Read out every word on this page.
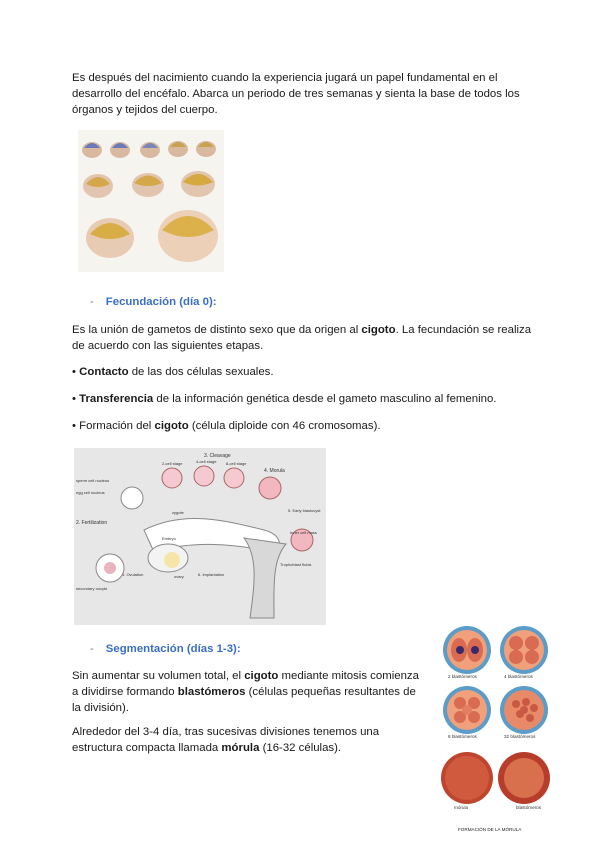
Es después del nacimiento cuando la experiencia jugará un papel fundamental en el desarrollo del encéfalo. Abarca un periodo de tres semanas y sienta la base de todos los órganos y tejidos del cuerpo.

- Fecundación (día 0):

Es la unión de gametos de distinto sexo que da origen al cigoto. La fecundación se realiza de acuerdo con las siguientes etapas.

• Contacto de las dos células sexuales.

• Transferencia de la información genética desde el gameto masculino al femenino.

• Formación del cigoto (célula diploide con 46 cromosomas).

3. Cleavage
2-cell stage	4-cell stage 8-cell stage
4. Morula
5. Early blastocyst
sperm cell nucleus
egg cell nucleus
2. Fertilization
zygote
Embryo
ovary
1. Ovulation
secondary oocyte
6. Implantation
Inner cell mass
Trophoblast fluids
- Segmentación (días 1-3):

Sin aumentar su volumen total, el cigoto mediante mitosis comienza a dividirse formando blastómeros (células pequeñas resultantes de la división).

Alrededor del 3-4 día, tras sucesivas divisiones tenemos una estructura compacta llamada mórula (16-32 células).

2 blastómeros	4 blastómeros
8 blastómeros	32 blastómeros
mórula	blastómeros
FORMACIÓN DE LA MÓRULA
